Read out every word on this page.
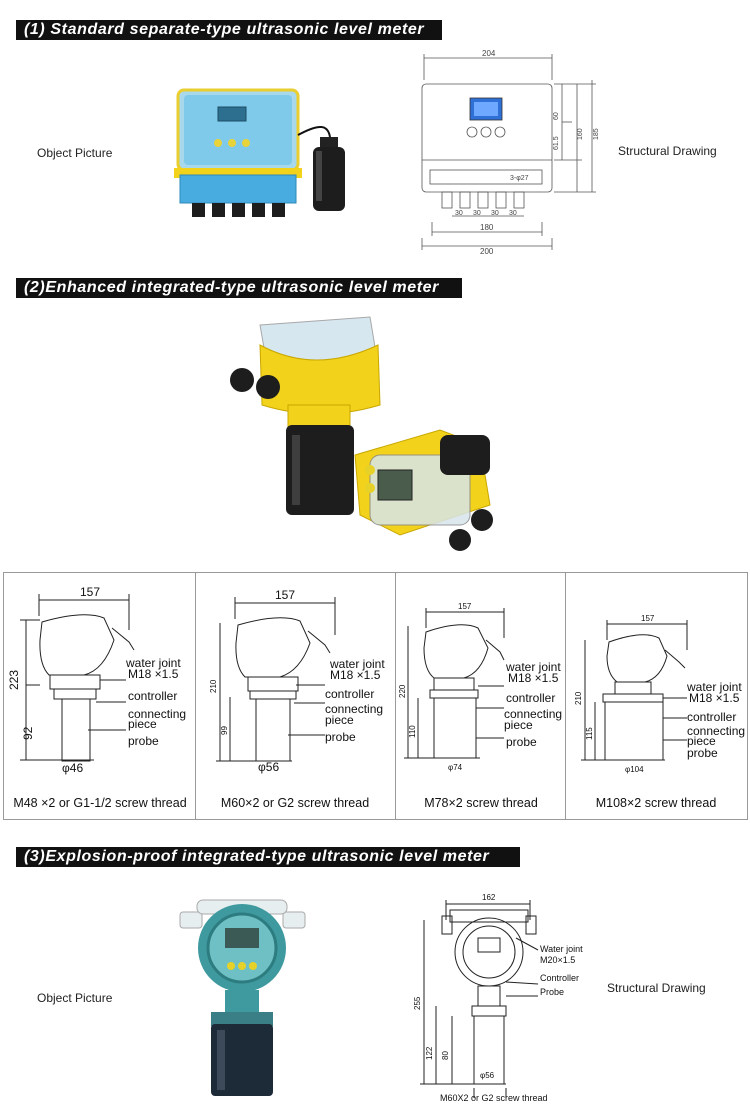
(1) Standard separate-type ultrasonic level meter
Object Picture	Structural Drawing
204
60
61.5
160 185
3-φ27
30 30 30 30
180
200
(2)Enhanced integrated-type ultrasonic level meter
157
223
92
φ46
water joint
M18 ×1.5
controller
connecting
piece
probe
M48 ×2 or G1-1/2 screw thread
157
210
99
φ56
water joint
M18 ×1.5
controller
connecting
piece
probe
M60×2 or G2 screw thread
157
220
110
φ74
water joint
M18 ×1.5
controller
connecting
piece
probe
M78×2 screw thread
157
210
115
φ104
water joint
M18 ×1.5
controller
connecting
piece
probe
M108×2 screw thread
(3)Explosion-proof integrated-type ultrasonic level meter
Object Picture
Structural Drawing
162
255
122 80
φ56
Water joint
M20×1.5
Controller
Probe
M60X2 or G2 screw thread
